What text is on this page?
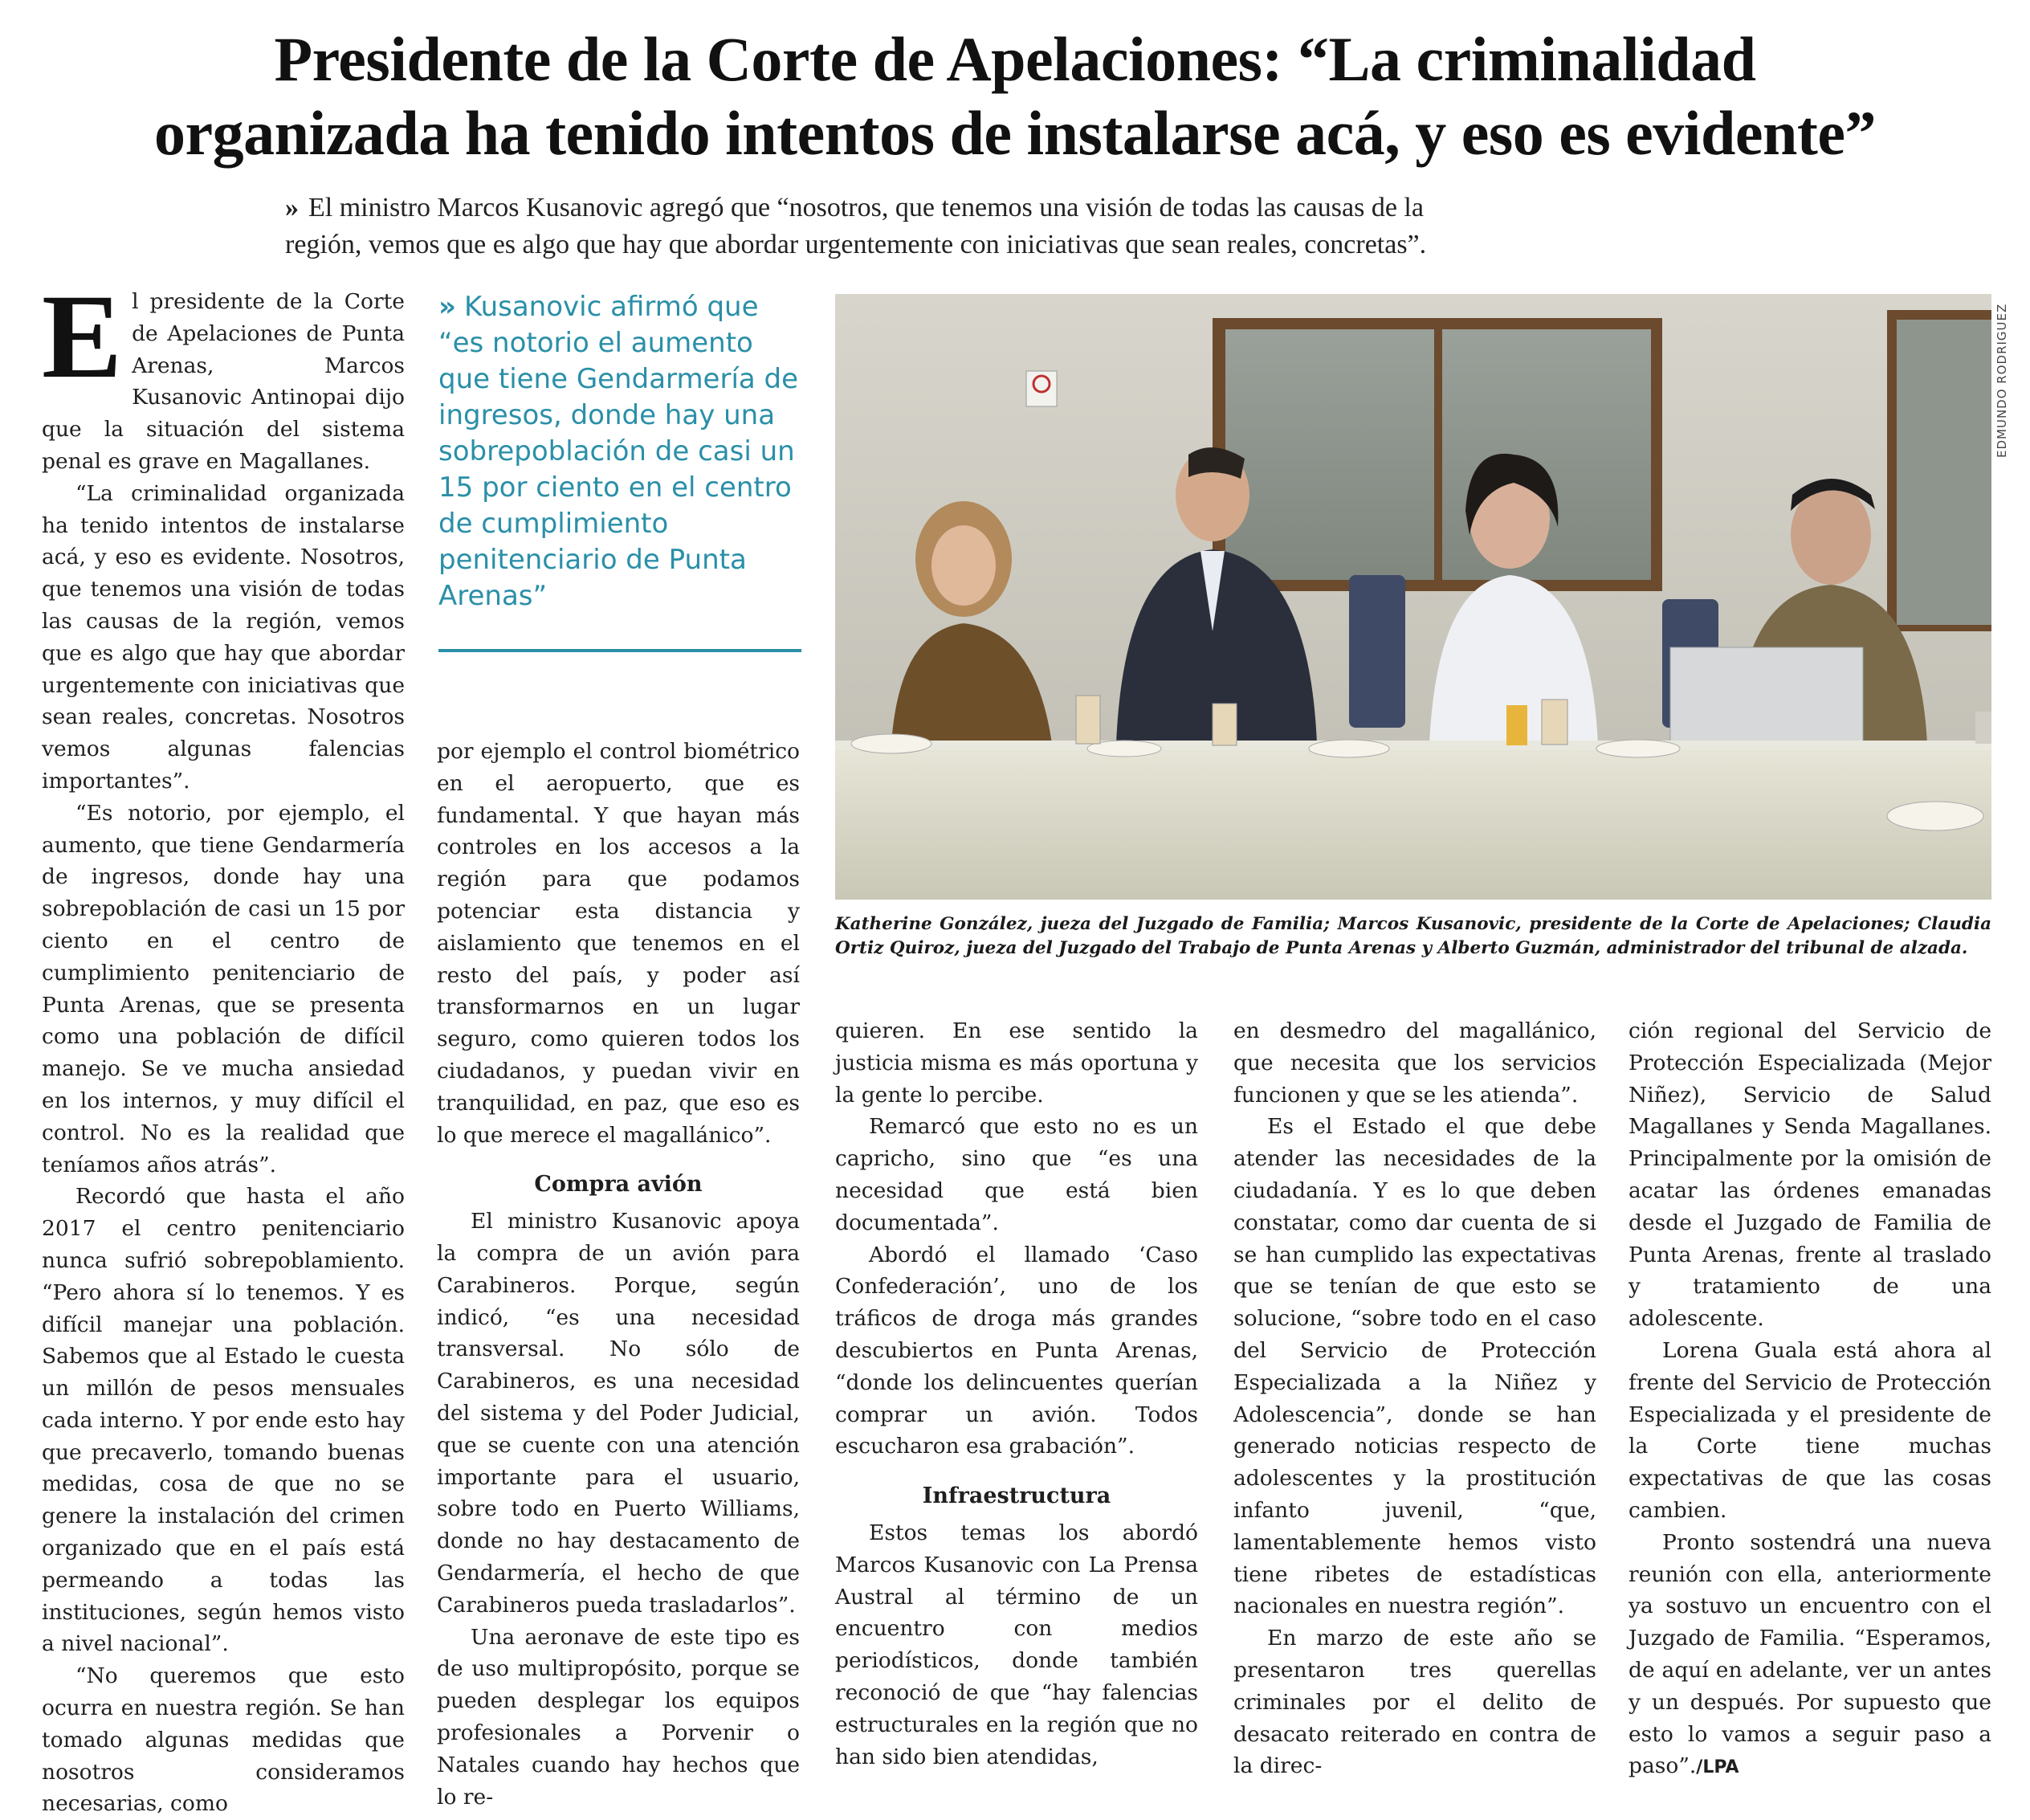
Presidente de la Corte de Apelaciones: “La criminalidad
organizada ha tenido intentos de instalarse acá, y eso es evidente”
» El ministro Marcos Kusanovic agregó que “nosotros, que tenemos una visión de todas las causas de la
región, vemos que es algo que hay que abordar urgentemente con iniciativas que sean reales, concretas”.

El presidente de la Corte de Apelaciones de Punta Arenas, Marcos Kusanovic Antinopai dijo que la situación del sistema penal es grave en Magallanes.

“La criminalidad organizada ha tenido intentos de instalarse acá, y eso es evidente. Nosotros, que tenemos una visión de todas las causas de la región, vemos que es algo que hay que abordar urgentemente con iniciativas que sean reales, concretas. Nosotros vemos algunas falencias importantes”.

“Es notorio, por ejemplo, el aumento, que tiene Gendarmería de ingresos, donde hay una sobrepoblación de casi un 15 por ciento en el centro de cumplimiento penitenciario de Punta Arenas, que se presenta como una población de difícil manejo. Se ve mucha ansiedad en los internos, y muy difícil el control. No es la realidad que teníamos años atrás”.

Recordó que hasta el año 2017 el centro penitenciario nunca sufrió sobrepoblamiento. “Pero ahora sí lo tenemos. Y es difícil manejar una población. Sabemos que al Estado le cuesta un millón de pesos mensuales cada interno. Y por ende esto hay que precaverlo, tomando buenas medidas, cosa de que no se genere la instalación del crimen organizado que en el país está permeando a todas las instituciones, según hemos visto a nivel nacional”.

“No queremos que esto ocurra en nuestra región. Se han tomado algunas medidas que nosotros consideramos necesarias, como

» Kusanovic afirmó que “es notorio el aumento que tiene Gendarmería de ingresos, donde hay una sobrepoblación de casi un 15 por ciento en el centro de cumplimiento penitenciario de Punta Arenas”

por ejemplo el control biométrico en el aeropuerto, que es fundamental. Y que hayan más controles en los accesos a la región para que podamos potenciar esta distancia y aislamiento que tenemos en el resto del país, y poder así transformarnos en un lugar seguro, como quieren todos los ciudadanos, y puedan vivir en tranquilidad, en paz, que eso es lo que merece el magallánico”.

Compra avión

El ministro Kusanovic apoya la compra de un avión para Carabineros. Porque, según indicó, “es una necesidad transversal. No sólo de Carabineros, es una necesidad del sistema y del Poder Judicial, que se cuente con una atención importante para el usuario, sobre todo en Puerto Williams, donde no hay destacamento de Gendarmería, el hecho de que Carabineros pueda trasladarlos”.

Una aeronave de este tipo es de uso multipropósito, porque se pueden desplegar los equipos profesionales a Porvenir o Natales cuando hay hechos que lo re-

EDMUNDO RODRIGUEZ
Katherine González, jueza del Juzgado de Familia; Marcos Kusanovic, presidente de la Corte de Apelaciones; Claudia Ortiz Quiroz, jueza del Juzgado del Trabajo de Punta Arenas y Alberto Guzmán, administrador del tribunal de alzada.

quieren. En ese sentido la justicia misma es más oportuna y la gente lo percibe.

Remarcó que esto no es un capricho, sino que “es una necesidad que está bien documentada”.

Abordó el llamado ‘Caso Confederación’, uno de los tráficos de droga más grandes descubiertos en Punta Arenas, “donde los delincuentes querían comprar un avión. Todos escucharon esa grabación”.

Infraestructura

Estos temas los abordó Marcos Kusanovic con La Prensa Austral al término de un encuentro con medios periodísticos, donde también reconoció de que “hay falencias estructurales en la región que no han sido bien atendidas,

en desmedro del magallánico, que necesita que los servicios funcionen y que se les atienda”.

Es el Estado el que debe atender las necesidades de la ciudadanía. Y es lo que deben constatar, como dar cuenta de si se han cumplido las expectativas que se tenían de que esto se solucione, “sobre todo en el caso del Servicio de Protección Especializada a la Niñez y Adolescencia”, donde se han generado noticias respecto de adolescentes y la prostitución infanto juvenil, “que, lamentablemente hemos visto tiene ribetes de estadísticas nacionales en nuestra región”.

En marzo de este año se presentaron tres querellas criminales por el delito de desacato reiterado en contra de la direc-

ción regional del Servicio de Protección Especializada (Mejor Niñez), Servicio de Salud Magallanes y Senda Magallanes. Principalmente por la omisión de acatar las órdenes emanadas desde el Juzgado de Familia de Punta Arenas, frente al traslado y tratamiento de una adolescente.

Lorena Guala está ahora al frente del Servicio de Protección Especializada y el presidente de la Corte tiene muchas expectativas de que las cosas cambien.

Pronto sostendrá una nueva reunión con ella, anteriormente ya sostuvo un encuentro con el Juzgado de Familia. “Esperamos, de aquí en adelante, ver un antes y un después. Por supuesto que esto lo vamos a seguir paso a paso”./LPA
